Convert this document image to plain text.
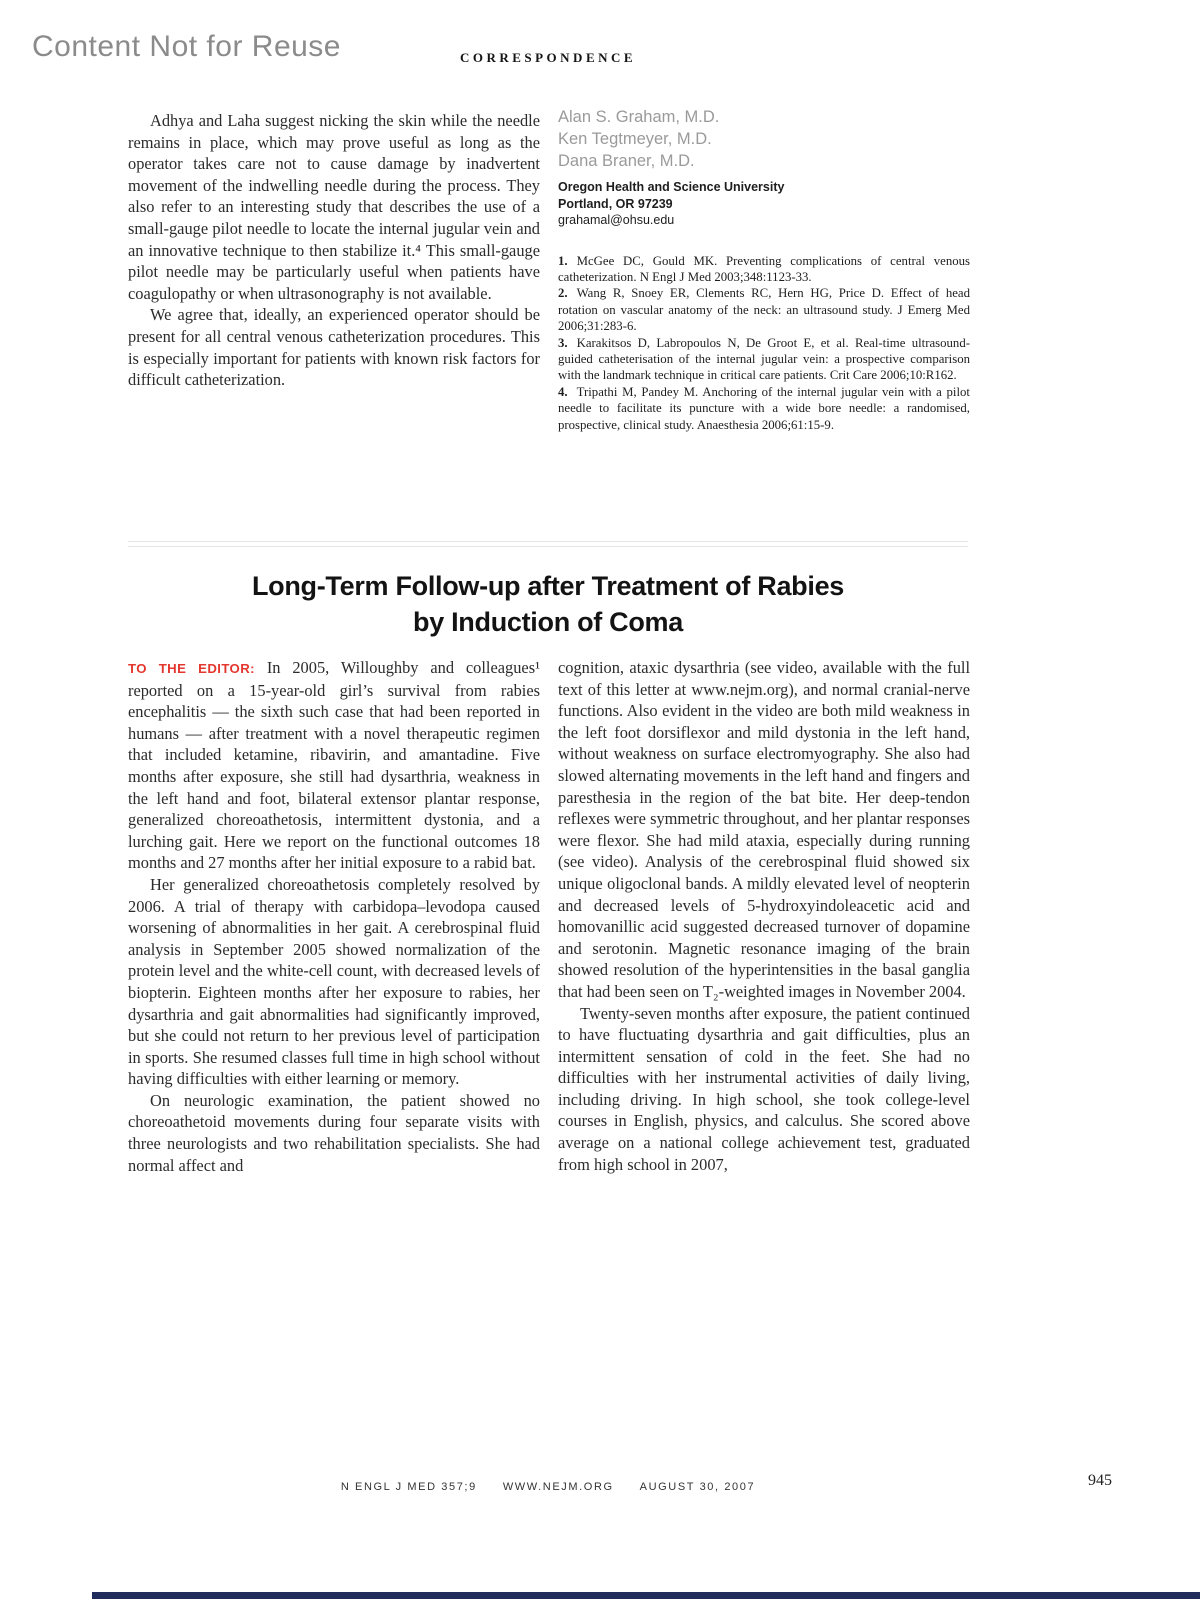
Content Not for Reuse	CORRESPONDENCE

Adhya and Laha suggest nicking the skin while the needle remains in place, which may prove useful as long as the operator takes care not to cause damage by inadvertent movement of the indwelling needle during the process. They also refer to an interesting study that describes the use of a small-gauge pilot needle to locate the internal jugular vein and an innovative technique to then stabilize it.⁴ This small-gauge pilot needle may be particularly useful when patients have coagulopathy or when ultrasonography is not available.

We agree that, ideally, an experienced operator should be present for all central venous catheterization procedures. This is especially important for patients with known risk factors for difficult catheterization.

Alan S. Graham, M.D.
Ken Tegtmeyer, M.D.
Dana Braner, M.D.
Oregon Health and Science University
Portland, OR 97239
grahamal@ohsu.edu

1. McGee DC, Gould MK. Preventing complications of central venous catheterization. N Engl J Med 2003;348:1123-33.

2. Wang R, Snoey ER, Clements RC, Hern HG, Price D. Effect of head rotation on vascular anatomy of the neck: an ultrasound study. J Emerg Med 2006;31:283-6.

3. Karakitsos D, Labropoulos N, De Groot E, et al. Real-time ultrasound-guided catheterisation of the internal jugular vein: a prospective comparison with the landmark technique in critical care patients. Crit Care 2006;10:R162.

4. Tripathi M, Pandey M. Anchoring of the internal jugular vein with a pilot needle to facilitate its puncture with a wide bore needle: a randomised, prospective, clinical study. Anaesthesia 2006;61:15-9.

Long-Term Follow-up after Treatment of Rabies
by Induction of Coma

TO THE EDITOR: In 2005, Willoughby and colleagues¹ reported on a 15-year-old girl’s survival from rabies encephalitis — the sixth such case that had been reported in humans — after treatment with a novel therapeutic regimen that included ketamine, ribavirin, and amantadine. Five months after exposure, she still had dysarthria, weakness in the left hand and foot, bilateral extensor plantar response, generalized choreoathetosis, intermittent dystonia, and a lurching gait. Here we report on the functional outcomes 18 months and 27 months after her initial exposure to a rabid bat.

Her generalized choreoathetosis completely resolved by 2006. A trial of therapy with carbidopa–levodopa caused worsening of abnormalities in her gait. A cerebrospinal fluid analysis in September 2005 showed normalization of the protein level and the white-cell count, with decreased levels of biopterin. Eighteen months after her exposure to rabies, her dysarthria and gait abnormalities had significantly improved, but she could not return to her previous level of participation in sports. She resumed classes full time in high school without having difficulties with either learning or memory.

On neurologic examination, the patient showed no choreoathetoid movements during four separate visits with three neurologists and two rehabilitation specialists. She had normal affect and

cognition, ataxic dysarthria (see video, available with the full text of this letter at www.nejm.org), and normal cranial-nerve functions. Also evident in the video are both mild weakness in the left foot dorsiflexor and mild dystonia in the left hand, without weakness on surface electromyography. She also had slowed alternating movements in the left hand and fingers and paresthesia in the region of the bat bite. Her deep-tendon reflexes were symmetric throughout, and her plantar responses were flexor. She had mild ataxia, especially during running (see video). Analysis of the cerebrospinal fluid showed six unique oligoclonal bands. A mildly elevated level of neopterin and decreased levels of 5-hydroxyindoleacetic acid and homovanillic acid suggested decreased turnover of dopamine and serotonin. Magnetic resonance imaging of the brain showed resolution of the hyperintensities in the basal ganglia that had been seen on T₂-weighted images in November 2004.

Twenty-seven months after exposure, the patient continued to have fluctuating dysarthria and gait difficulties, plus an intermittent sensation of cold in the feet. She had no difficulties with her instrumental activities of daily living, including driving. In high school, she took college-level courses in English, physics, and calculus. She scored above average on a national college achievement test, graduated from high school in 2007,

N ENGL J MED 357;9 WWW.NEJM.ORG AUGUST 30, 2007	945
